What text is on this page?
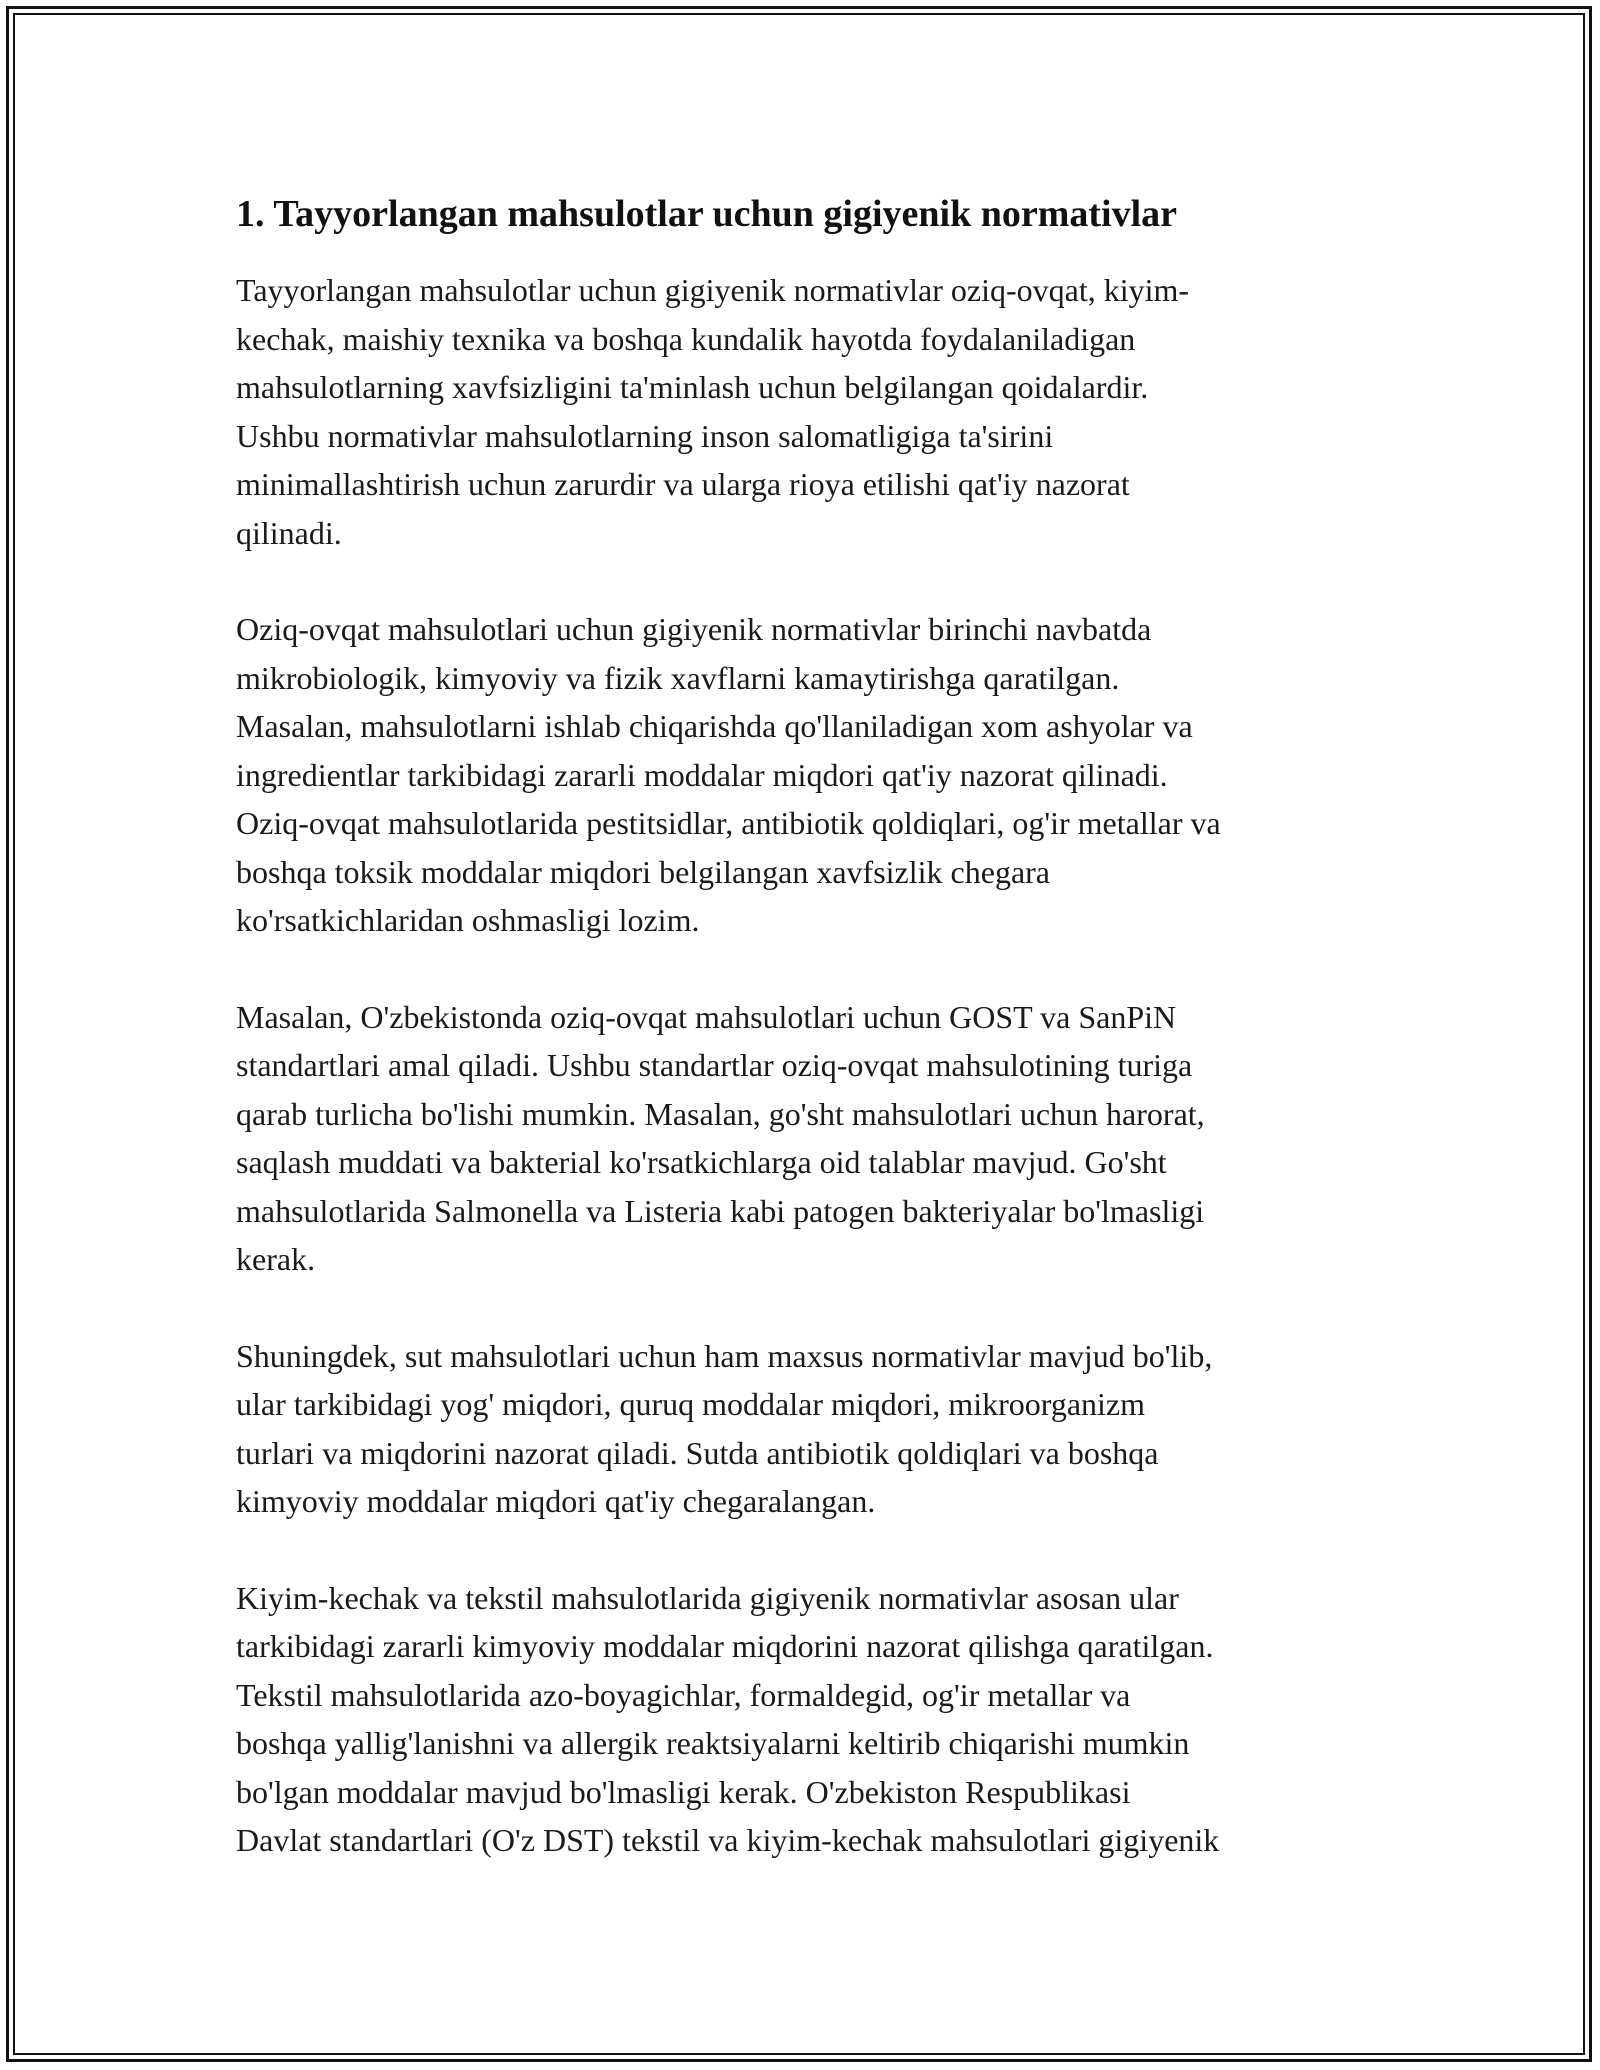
1. Tayyorlangan mahsulotlar uchun gigiyenik normativlar

Tayyorlangan mahsulotlar uchun gigiyenik normativlar oziq-ovqat, kiyim-
kechak, maishiy texnika va boshqa kundalik hayotda foydalaniladigan
mahsulotlarning xavfsizligini ta'minlash uchun belgilangan qoidalardir.
Ushbu normativlar mahsulotlarning inson salomatligiga ta'sirini
minimallashtirish uchun zarurdir va ularga rioya etilishi qat'iy nazorat
qilinadi.

Oziq-ovqat mahsulotlari uchun gigiyenik normativlar birinchi navbatda
mikrobiologik, kimyoviy va fizik xavflarni kamaytirishga qaratilgan.
Masalan, mahsulotlarni ishlab chiqarishda qo'llaniladigan xom ashyolar va
ingredientlar tarkibidagi zararli moddalar miqdori qat'iy nazorat qilinadi.
Oziq-ovqat mahsulotlarida pestitsidlar, antibiotik qoldiqlari, og'ir metallar va
boshqa toksik moddalar miqdori belgilangan xavfsizlik chegara
ko'rsatkichlaridan oshmasligi lozim.

Masalan, O'zbekistonda oziq-ovqat mahsulotlari uchun GOST va SanPiN
standartlari amal qiladi. Ushbu standartlar oziq-ovqat mahsulotining turiga
qarab turlicha bo'lishi mumkin. Masalan, go'sht mahsulotlari uchun harorat,
saqlash muddati va bakterial ko'rsatkichlarga oid talablar mavjud. Go'sht
mahsulotlarida Salmonella va Listeria kabi patogen bakteriyalar bo'lmasligi
kerak.

Shuningdek, sut mahsulotlari uchun ham maxsus normativlar mavjud bo'lib,
ular tarkibidagi yog' miqdori, quruq moddalar miqdori, mikroorganizm
turlari va miqdorini nazorat qiladi. Sutda antibiotik qoldiqlari va boshqa
kimyoviy moddalar miqdori qat'iy chegaralangan.

Kiyim-kechak va tekstil mahsulotlarida gigiyenik normativlar asosan ular
tarkibidagi zararli kimyoviy moddalar miqdorini nazorat qilishga qaratilgan.
Tekstil mahsulotlarida azo-boyagichlar, formaldegid, og'ir metallar va
boshqa yallig'lanishni va allergik reaktsiyalarni keltirib chiqarishi mumkin
bo'lgan moddalar mavjud bo'lmasligi kerak. O'zbekiston Respublikasi
Davlat standartlari (O'z DST) tekstil va kiyim-kechak mahsulotlari gigiyenik
